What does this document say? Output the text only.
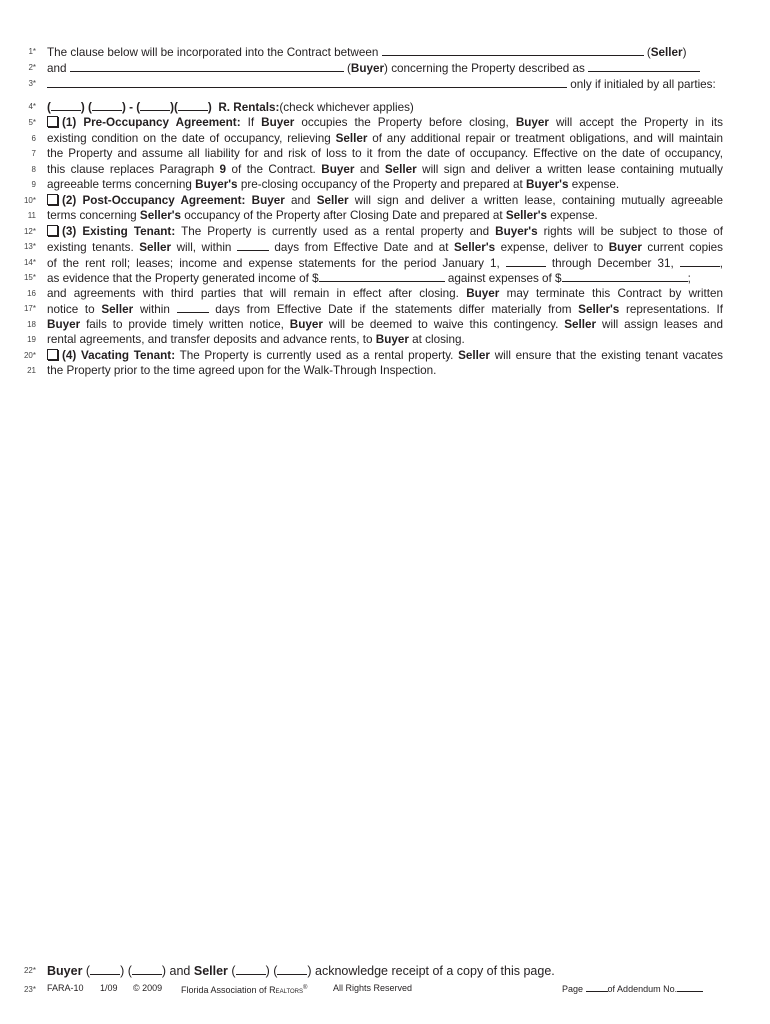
1* The clause below will be incorporated into the Contract between	(Seller)
2* and	(Buyer) concerning the Property described as
3*	only if initialed by all parties:
4* (	) (	) - (	)(	)  R. Rentals:(check whichever applies)
5*	(1) Pre-Occupancy Agreement: If Buyer occupies the Property before closing, Buyer will accept the Property in its
6 existing condition on the date of occupancy, relieving Seller of any additional repair or treatment obligations, and will maintain
7 the Property and assume all liability for and risk of loss to it from the date of occupancy. Effective on the date of occupancy,
8 this clause replaces Paragraph 9 of the Contract. Buyer and Seller will sign and deliver a written lease containing mutually
9 agreeable terms concerning Buyer's pre-closing occupancy of the Property and prepared at Buyer's expense.
10*	(2) Post-Occupancy Agreement: Buyer and Seller will sign and deliver a written lease, containing mutually agreeable
11 terms concerning Seller's occupancy of the Property after Closing Date and prepared at Seller's expense.
12*	(3) Existing Tenant: The Property is currently used as a rental property and Buyer's rights will be subject to those of
13* existing tenants. Seller will, within	days from Effective Date and at Seller's expense, deliver to Buyer current copies
14* of the rent roll; leases; income and expense statements for the period January 1,	through December 31,	,
15* as evidence that the Property generated income of $	against expenses of $	;
16 and agreements with third parties that will remain in effect after closing. Buyer may terminate this Contract by written
17* notice to Seller within	days from Effective Date if the statements differ materially from Seller's representations. If
18 Buyer fails to provide timely written notice, Buyer will be deemed to waive this contingency. Seller will assign leases and
19 rental agreements, and transfer deposits and advance rents, to Buyer at closing.
20*	(4) Vacating Tenant: The Property is currently used as a rental property. Seller will ensure that the existing tenant vacates
21 the Property prior to the time agreed upon for the Walk-Through Inspection.
22* Buyer ( ) ( ) and Seller ( ) ( ) acknowledge receipt of a copy of this page.
23* FARA-10 1/09 © 2009 Florida Association of Realtors®	All Rights Reserved	Page	of Addendum No.
